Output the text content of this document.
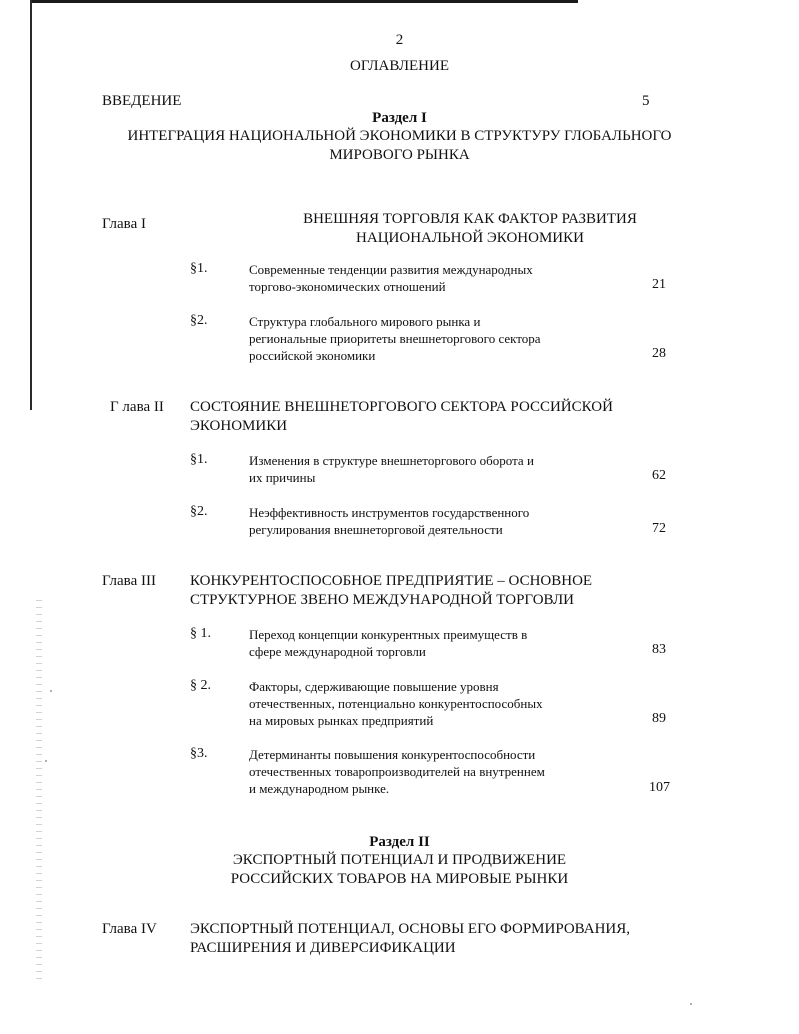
2
ОГЛАВЛЕНИЕ
ВВЕДЕНИЕ	5
Раздел I
ИНТЕГРАЦИЯ НАЦИОНАЛЬНОЙ ЭКОНОМИКИ В СТРУКТУРУ ГЛОБАЛЬНОГО
МИРОВОГО РЫНКА
Глава I	ВНЕШНЯЯ ТОРГОВЛЯ КАК ФАКТОР РАЗВИТИЯ
НАЦИОНАЛЬНОЙ ЭКОНОМИКИ
§1.	Современные тенденции развития международных
торгово-экономических отношений	21
§2.	Структура глобального мирового рынка и
региональные приоритеты внешнеторгового сектора
российской экономики	28
Г лава II СОСТОЯНИЕ ВНЕШНЕТОРГОВОГО СЕКТОРА РОССИЙСКОЙ
ЭКОНОМИКИ
§1.	Изменения в структуре внешнеторгового оборота и
их причины	62
§2.	Неэффективность инструментов государственного
регулирования внешнеторговой деятельности	72
Глава III КОНКУРЕНТОСПОСОБНОЕ ПРЕДПРИЯТИЕ – ОСНОВНОЕ
СТРУКТУРНОЕ ЗВЕНО МЕЖДУНАРОДНОЙ ТОРГОВЛИ
§ 1.	Переход концепции конкурентных преимуществ в
сфере международной торговли	83
§ 2.	Факторы, сдерживающие повышение уровня
отечественных, потенциально конкурентоспособных
на мировых рынках предприятий	89
§3.	Детерминанты повышения конкурентоспособности
отечественных товаропроизводителей на внутреннем
и международном рынке.	107
Раздел II
ЭКСПОРТНЫЙ ПОТЕНЦИАЛ И ПРОДВИЖЕНИЕ
РОССИЙСКИХ ТОВАРОВ НА МИРОВЫЕ РЫНКИ
Глава IV ЭКСПОРТНЫЙ ПОТЕНЦИАЛ, ОСНОВЫ ЕГО ФОРМИРОВАНИЯ,
РАСШИРЕНИЯ И ДИВЕРСИФИКАЦИИ
